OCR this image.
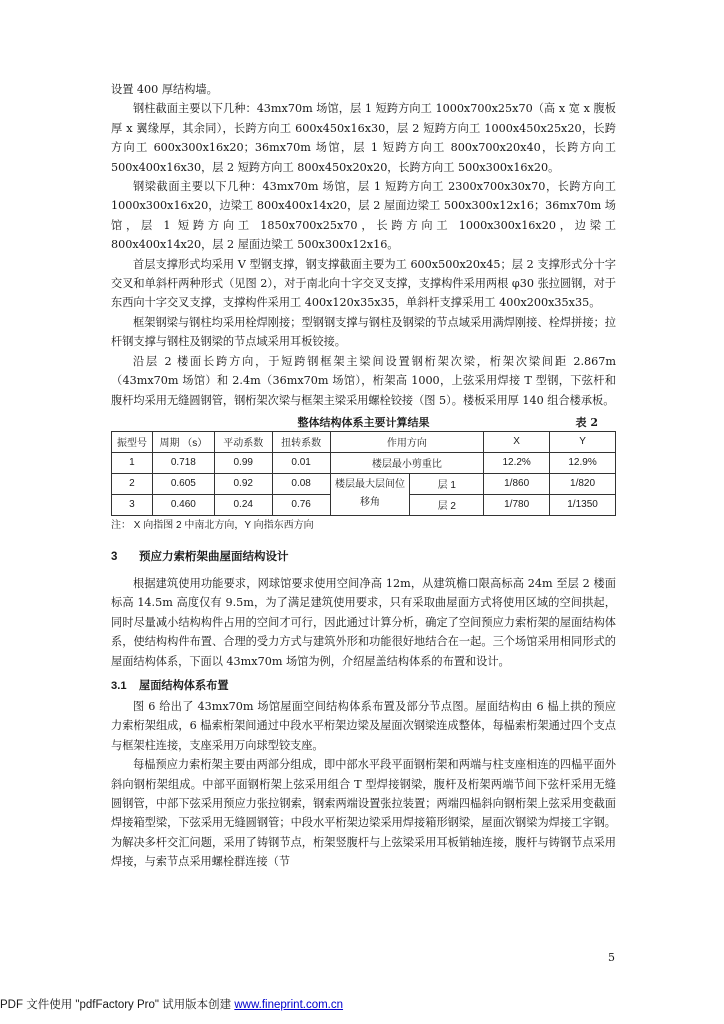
设置 400 厚结构墙。

钢柱截面主要以下几种：43mx70m 场馆，层 1 短跨方向工 1000x700x25x70（高 x 宽 x 腹板厚 x 翼缘厚，其余同），长跨方向工 600x450x16x30，层 2 短跨方向工 1000x450x25x20，长跨方向工 600x300x16x20；36mx70m 场馆，层 1 短跨方向工 800x700x20x40，长跨方向工 500x400x16x30，层 2 短跨方向工 800x450x20x20，长跨方向工 500x300x16x20。

钢梁截面主要以下几种：43mx70m 场馆，层 1 短跨方向工 2300x700x30x70，长跨方向工 1000x300x16x20，边梁工 800x400x14x20，层 2 屋面边梁工 500x300x12x16；36mx70m 场馆，层 1 短跨方向工 1850x700x25x70，长跨方向工 1000x300x16x20，边梁工 800x400x14x20，层 2 屋面边梁工 500x300x12x16。

首层支撑形式均采用 V 型钢支撑，钢支撑截面主要为工 600x500x20x45；层 2 支撑形式分十字交叉和单斜杆两种形式（见图 2），对于南北向十字交叉支撑，支撑构件采用两根 φ30 张拉圆钢，对于东西向十字交叉支撑，支撑构件采用工 400x120x35x35，单斜杆支撑采用工 400x200x35x35。

框架钢梁与钢柱均采用栓焊刚接；型钢钢支撑与钢柱及钢梁的节点域采用满焊刚接、栓焊拼接；拉杆钢支撑与钢柱及钢梁的节点域采用耳板铰接。

沿层 2 楼面长跨方向，于短跨钢框架主梁间设置钢桁架次梁，桁架次梁间距 2.867m（43mx70m 场馆）和 2.4m（36mx70m 场馆），桁架高 1000，上弦采用焊接 T 型钢，下弦杆和腹杆均采用无缝圆钢管，钢桁架次梁与框架主梁采用螺栓铰接（图 5）。楼板采用厚 140 组合楼承板。

整体结构体系主要计算结果	表 2
振型号	周期 （s）	平动系数	扭转系数	作用方向		X	Y
1	0.718	0.99	0.01	楼层最小剪重比		12.2%	12.9%
2	0.605	0.92	0.08	楼层最大层间位移角	层 1	1/860	1/820
3	0.460	0.24	0.76		层 2	1/780	1/1350
注： X 向指图 2 中南北方向，Y 向指东西方向
3 预应力索桁架曲屋面结构设计

根据建筑使用功能要求，网球馆要求使用空间净高 12m，从建筑檐口限高标高 24m 至层 2 楼面标高 14.5m 高度仅有 9.5m，为了满足建筑使用要求，只有采取曲屋面方式将使用区域的空间拱起，同时尽量减小结构构件占用的空间才可行，因此通过计算分析，确定了空间预应力索桁架的屋面结构体系，使结构构件布置、合理的受力方式与建筑外形和功能很好地结合在一起。三个场馆采用相同形式的屋面结构体系，下面以 43mx70m 场馆为例，介绍屋盖结构体系的布置和设计。

3.1 屋面结构体系布置

图 6 给出了 43mx70m 场馆屋面空间结构体系布置及部分节点图。屋面结构由 6 榀上拱的预应力索桁架组成，6 榀索桁架间通过中段水平桁架边梁及屋面次钢梁连成整体，每榀索桁架通过四个支点与框架柱连接，支座采用万向球型铰支座。

每榀预应力索桁架主要由两部分组成，即中部水平段平面钢桁架和两端与柱支座相连的四榀平面外斜向钢桁架组成。中部平面钢桁架上弦采用组合 T 型焊接钢梁，腹杆及桁架两端节间下弦杆采用无缝圆钢管，中部下弦采用预应力张拉钢索，钢索两端设置张拉装置；两端四榀斜向钢桁架上弦采用变截面焊接箱型梁，下弦采用无缝圆钢管；中段水平桁架边梁采用焊接箱形钢梁，屋面次钢梁为焊接工字钢。为解决多杆交汇问题，采用了铸钢节点，桁架竖腹杆与上弦梁采用耳板销轴连接，腹杆与铸钢节点采用焊接，与索节点采用螺栓群连接（节

5
PDF 文件使用 "pdfFactory Pro" 试用版本创建 www.fineprint.com.cn
